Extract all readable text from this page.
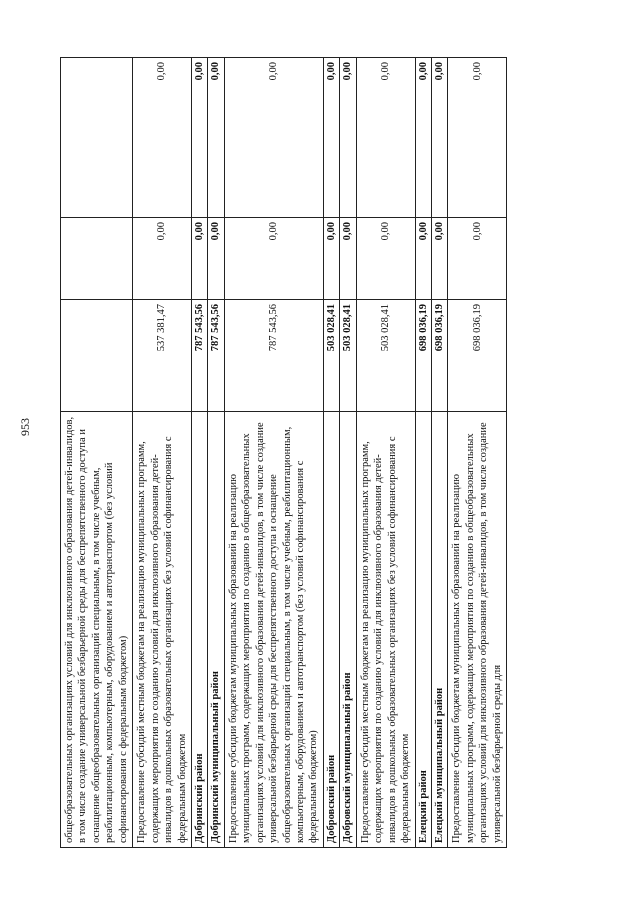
953	общеобразовательных организациях условий для инклюзивного образования детей-инвалидов, в том числе создание универсальной безбарьерной среды для беспрепятственного доступа и оснащение общеобразовательных организаций специальным, в том числе учебным, реабилитационным, компьютерным, оборудованием и автотранспортом (без условий софинансирования с федеральным бюджетом)			
Предоставление субсидий местным бюджетам на реализацию муниципальных программ, содержащих мероприятия по созданию условий для инклюзивного образования детей-инвалидов в дошкольных образовательных организациях без условий софинансирования с федеральным бюджетом	537 381,47	0,00	0,00
Добринский район	787 543,56	0,00	0,00
Добринский муниципальный район	787 543,56	0,00	0,00
Предоставление субсидии бюджетам муниципальных образований на реализацию муниципальных программ, содержащих мероприятия по созданию в общеобразовательных организациях условий для инклюзивного образования детей-инвалидов, в том числе создание универсальной безбарьерной среды для беспрепятственного доступа и оснащение общеобразовательных организаций специальным, в том числе учебным, реабилитационным, компьютерным, оборудованием и автотранспортом (без условий софинансирования с федеральным бюджетом)	787 543,56	0,00	0,00
Добровский район	503 028,41	0,00	0,00
Добровский муниципальный район	503 028,41	0,00	0,00
Предоставление субсидий местным бюджетам на реализацию муниципальных программ, содержащих мероприятия по созданию условий для инклюзивного образования детей-инвалидов в дошкольных образовательных организациях без условий софинансирования с федеральным бюджетом	503 028,41	0,00	0,00
Елецкий район	698 036,19	0,00	0,00
Елецкий муниципальный район	698 036,19	0,00	0,00
Предоставление субсидии бюджетам муниципальных образований на реализацию муниципальных программ, содержащих мероприятия по созданию в общеобразовательных организациях условий для инклюзивного образования детей-инвалидов, в том числе создание универсальной безбарьерной среды для	698 036,19	0,00	0,00
